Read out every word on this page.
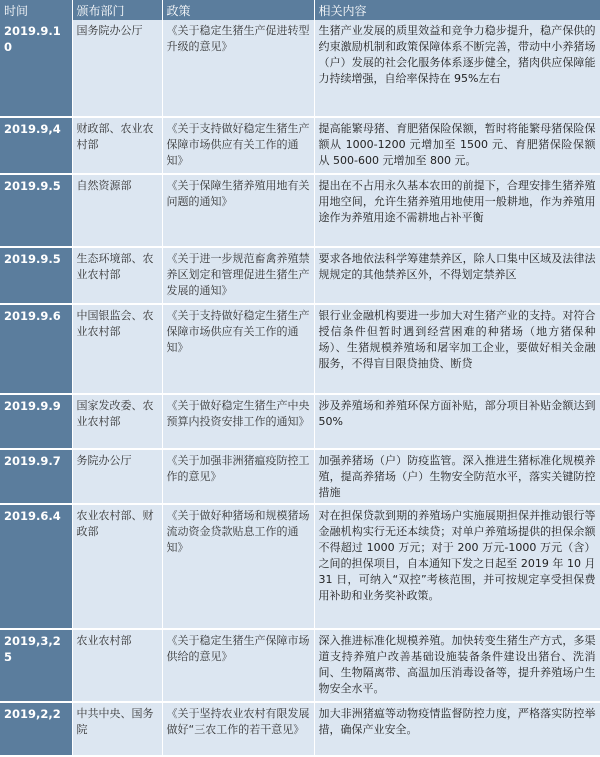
时间	颁布部门	政策	相关内容
2019.9.10	国务院办公厅	《关于稳定生猪生产促进转型升级的意见》	生猪产业发展的质里效益和竞争力稳步提升，稳产保供的约束激励机制和政策保障体系不断完善，带动中小养猪场（户）发展的社会化服务体系逐步健全，猪肉供应保障能力持续增强，自给率保持在 95%左右
2019.9,4	财政部、农业农村部	《关于支持做好稳定生猪生产保障市场供应有关工作的通知》	提高能繁母猪、育肥猪保险保额，暂时将能繁母猪保险保额从 1000-1200 元增加至 1500 元、育肥猪保险保额从 500-600 元增加至 800 元。
2019.9.5	自然资源部	《关于保障生猪养殖用地有关问题的通知》	提出在不占用永久基本农田的前提下，合理安排生猪养殖用地空间，允许生猪养殖用地使用一般耕地，作为养殖用途作为养殖用途不需耕地占补平衡
2019.9.5	生态环境部、农业农村部	《关于进一步规范畜禽养殖禁养区划定和管理促进生猪生产发展的通知》	要求各地依法科学筹建禁养区，除人口集中区域及法律法规规定的其他禁养区外，不得划定禁养区
2019.9.6	中国银监会、农业农村部	《关于支持做好稳定生猪生产保障市场供应有关工作的通知》	银行业金融机构要进一步加大对生猪产业的支持。对符合授信条件但暂时遇到经营困难的种猪场（地方猪保种场）、生猪规模养殖场和屠宰加工企业，要做好相关金融服务，不得盲目限贷抽贷、断贷
2019.9.9	国家发改委、农业农村部	《关于做好稳定生猪生产中央预算内投资安排工作的通知》	涉及养殖场和养殖环保方面补贴，部分项目补贴金额达到 50%
2019.9.7	务院办公厅	《关于加强非洲猪瘟疫防控工作的意见》	加强养猪场（户）防疫监管。深入推进生猪标准化规模养殖，提高养猪场（户）生物安全防范水平，落实关键防控措施
2019.6.4	农业农村部、财政部	《关于做好种猪场和规模猪场流动资金贷款贴息工作的通知》	对在担保贷款到期的养殖场户实施展期担保并推动银行等金融机构实行无还本续贷；对单户养殖场提供的担保余额不得超过 1000 万元；对于 200 万元-1000 万元（含）之间的担保项目，自本通知下发之日起至 2019 年 10 月 31 日，可纳入“双控”考核范围，并可按规定享受担保费用补助和业务奖补政策。
2019,3,25	农业农村部	《关于稳定生猪生产保障市场供给的意见》	深入推进标准化规模养殖。加快转变生猪生产方式，多渠道支持养殖户改善基础设施装备条件建设出猪台、洗消间、生物隔离带、高温加压消毒设备等，提升养殖场户生物安全水平。
2019,2,2	中共中央、国务院	《关于坚持农业农村有限发展做好“三农工作的若干意见》	加大非洲猪瘟等动物疫情监督防控力度，严格落实防控举措，确保产业安全。
